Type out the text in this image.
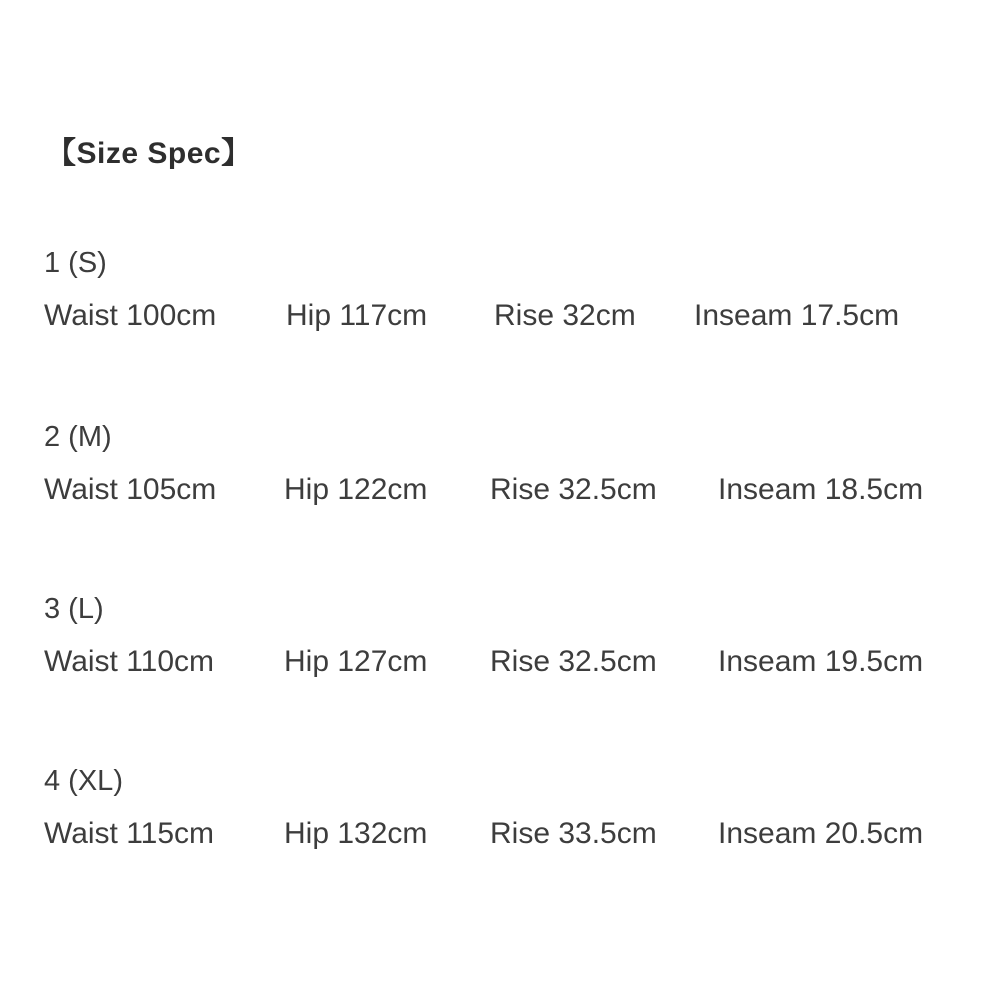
【Size Spec】
1 (S)
Waist 100cm	Hip 117cm	Rise 32cm	Inseam 17.5cm
2 (M)
Waist 105cm	Hip 122cm	Rise 32.5cm	Inseam 18.5cm
3 (L)
Waist 110cm	Hip 127cm	Rise 32.5cm	Inseam 19.5cm
4 (XL)
Waist 115cm	Hip 132cm	Rise 33.5cm	Inseam 20.5cm
